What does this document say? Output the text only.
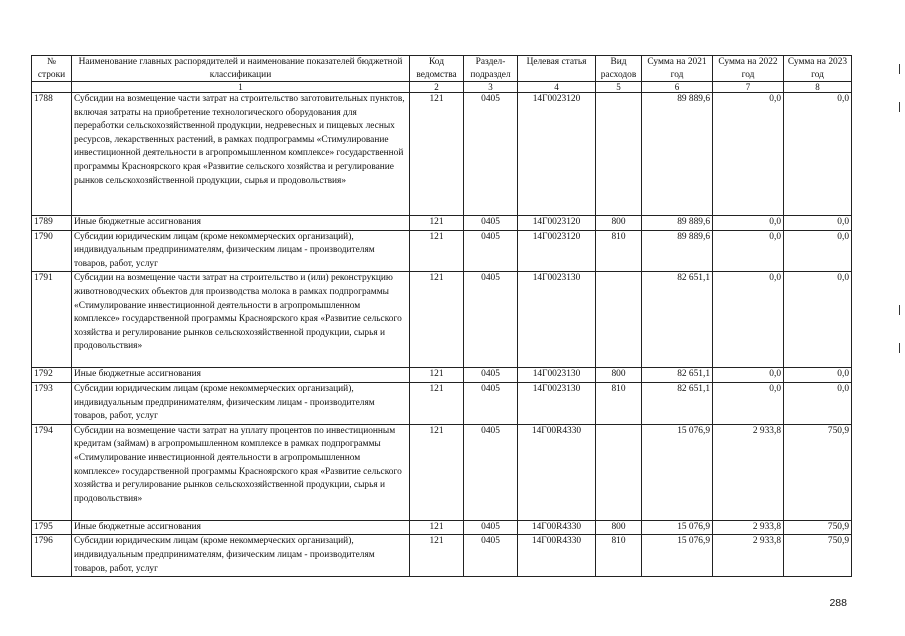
№ строки	Наименование главных распорядителей и наименование показателей бюджетной классификации	Код ведомства	Раздел-подраздел	Целевая статья	Вид расходов	Сумма на 2021 год	Сумма на 2022 год	Сумма на 2023 год
	1	2	3	4	5	6	7	8
1788	Субсидии на возмещение части затрат на строительство заготовительных пунктов, включая затраты на приобретение технологического оборудования для переработки сельскохозяйственной продукции, недревесных и пищевых лесных ресурсов, лекарственных растений, в рамках подпрограммы «Стимулирование инвестиционной деятельности в агропромышленном комплексе» государственной программы Красноярского края «Развитие сельского хозяйства и регулирование рынков сельскохозяйственной продукции, сырья и продовольствия»	121	0405	14Г0023120		89 889,6	0,0	0,0
1789	Иные бюджетные ассигнования	121	0405	14Г0023120	800	89 889,6	0,0	0,0
1790	Субсидии юридическим лицам (кроме некоммерческих организаций), индивидуальным предпринимателям, физическим лицам - производителям товаров, работ, услуг	121	0405	14Г0023120	810	89 889,6	0,0	0,0
1791	Субсидии на возмещение части затрат на строительство и (или) реконструкцию животноводческих объектов для производства молока в рамках подпрограммы «Стимулирование инвестиционной деятельности в агропромышленном комплексе» государственной программы Красноярского края «Развитие сельского хозяйства и регулирование рынков сельскохозяйственной продукции, сырья и продовольствия»	121	0405	14Г0023130		82 651,1	0,0	0,0
1792	Иные бюджетные ассигнования	121	0405	14Г0023130	800	82 651,1	0,0	0,0
1793	Субсидии юридическим лицам (кроме некоммерческих организаций), индивидуальным предпринимателям, физическим лицам - производителям товаров, работ, услуг	121	0405	14Г0023130	810	82 651,1	0,0	0,0
1794	Субсидии на возмещение части затрат на уплату процентов по инвестиционным кредитам (займам) в агропромышленном комплексе в рамках подпрограммы «Стимулирование инвестиционной деятельности в агропромышленном комплексе» государственной программы Красноярского края «Развитие сельского хозяйства и регулирование рынков сельскохозяйственной продукции, сырья и продовольствия»	121	0405	14Г00R4330		15 076,9	2 933,8	750,9
1795	Иные бюджетные ассигнования	121	0405	14Г00R4330	800	15 076,9	2 933,8	750,9
1796	Субсидии юридическим лицам (кроме некоммерческих организаций), индивидуальным предпринимателям, физическим лицам - производителям товаров, работ, услуг	121	0405	14Г00R4330	810	15 076,9	2 933,8	750,9
288
